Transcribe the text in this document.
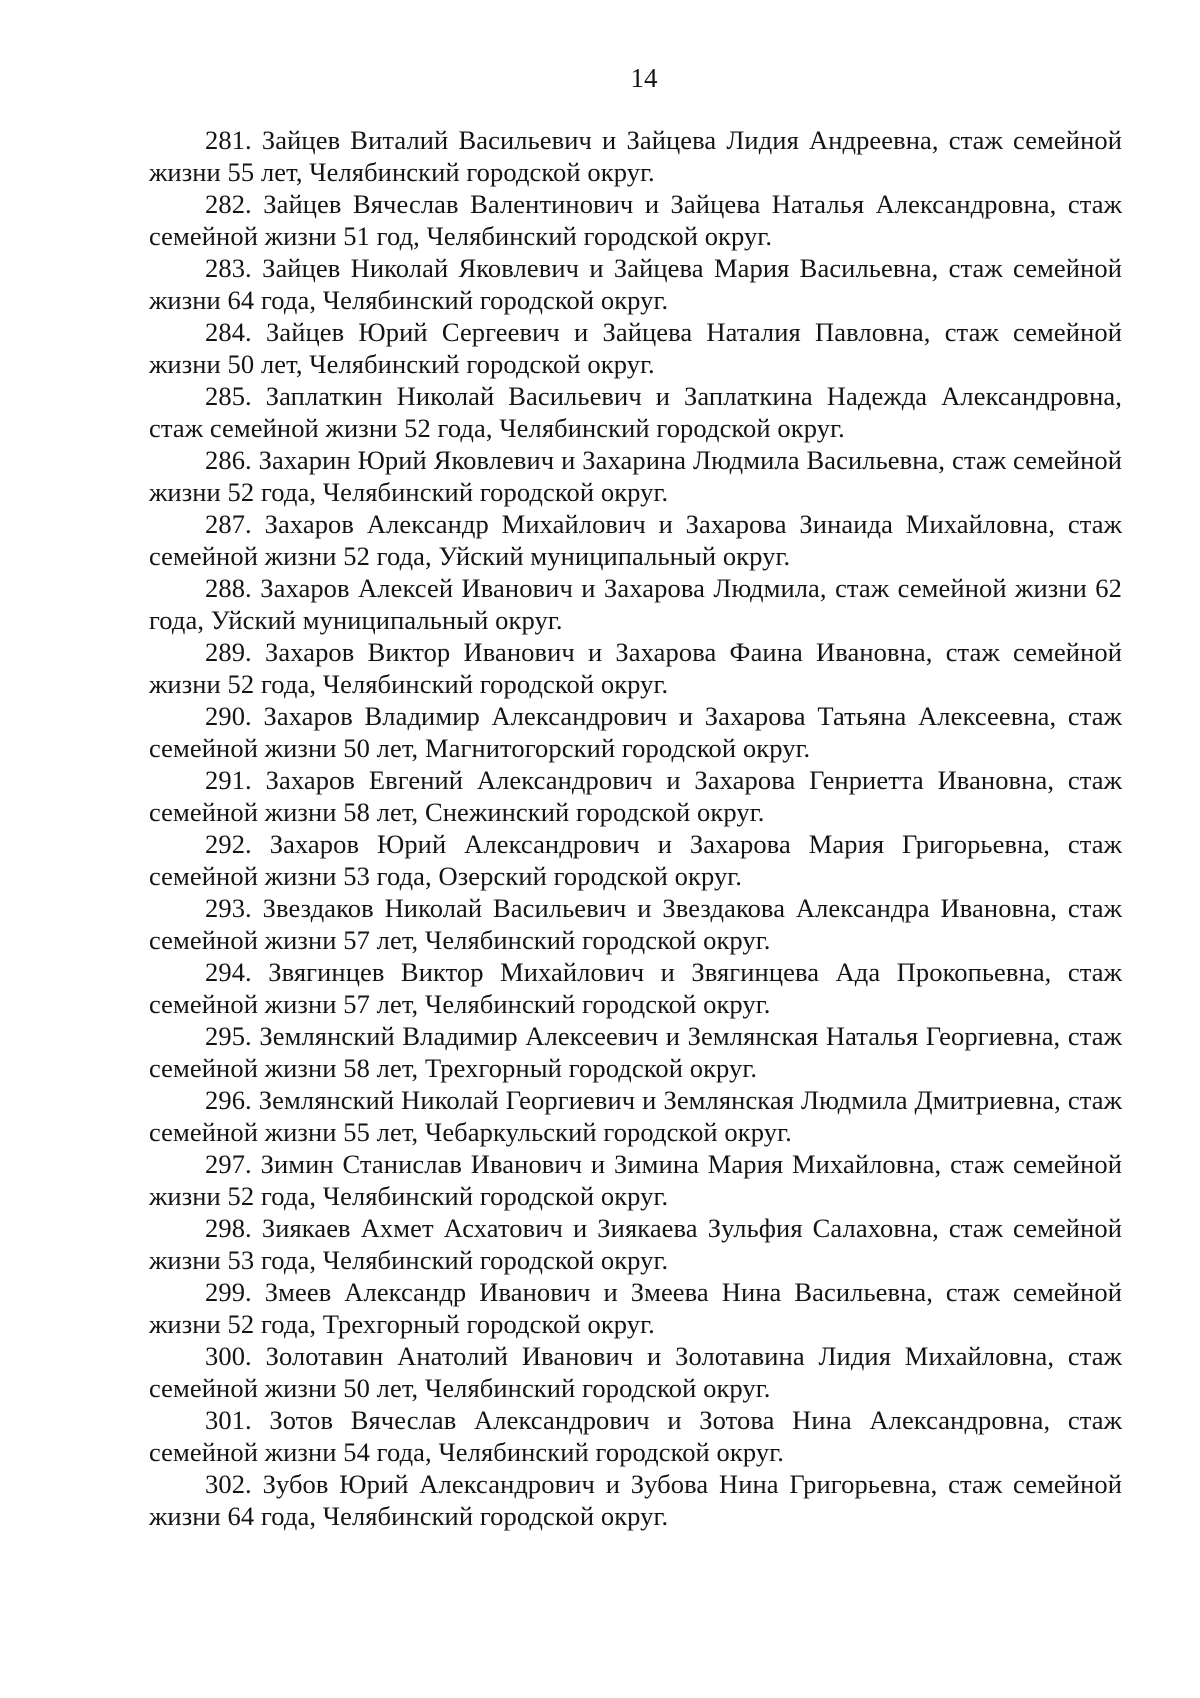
14
281. Зайцев Виталий Васильевич и Зайцева Лидия Андреевна, стаж семейной жизни 55 лет, Челябинский городской округ.
282. Зайцев Вячеслав Валентинович и Зайцева Наталья Александровна, стаж семейной жизни 51 год, Челябинский городской округ.
283. Зайцев Николай Яковлевич и Зайцева Мария Васильевна, стаж семейной жизни 64 года, Челябинский городской округ.
284. Зайцев Юрий Сергеевич и Зайцева Наталия Павловна, стаж семейной жизни 50 лет, Челябинский городской округ.
285. Заплаткин Николай Васильевич и Заплаткина Надежда Александровна, стаж семейной жизни 52 года, Челябинский городской округ.
286. Захарин Юрий Яковлевич и Захарина Людмила Васильевна, стаж семейной жизни 52 года, Челябинский городской округ.
287. Захаров Александр Михайлович и Захарова Зинаида Михайловна, стаж семейной жизни 52 года, Уйский муниципальный округ.
288. Захаров Алексей Иванович и Захарова Людмила, стаж семейной жизни 62 года, Уйский муниципальный округ.
289. Захаров Виктор Иванович и Захарова Фаина Ивановна, стаж семейной жизни 52 года, Челябинский городской округ.
290. Захаров Владимир Александрович и Захарова Татьяна Алексеевна, стаж семейной жизни 50 лет, Магнитогорский городской округ.
291. Захаров Евгений Александрович и Захарова Генриетта Ивановна, стаж семейной жизни 58 лет, Снежинский городской округ.
292. Захаров Юрий Александрович и Захарова Мария Григорьевна, стаж семейной жизни 53 года, Озерский городской округ.
293. Звездаков Николай Васильевич и Звездакова Александра Ивановна, стаж семейной жизни 57 лет, Челябинский городской округ.
294. Звягинцев Виктор Михайлович и Звягинцева Ада Прокопьевна, стаж семейной жизни 57 лет, Челябинский городской округ.
295. Землянский Владимир Алексеевич и Землянская Наталья Георгиевна, стаж семейной жизни 58 лет, Трехгорный городской округ.
296. Землянский Николай Георгиевич и Землянская Людмила Дмитриевна, стаж семейной жизни 55 лет, Чебаркульский городской округ.
297. Зимин Станислав Иванович и Зимина Мария Михайловна, стаж семейной жизни 52 года, Челябинский городской округ.
298. Зиякаев Ахмет Асхатович и Зиякаева Зульфия Салаховна, стаж семейной жизни 53 года, Челябинский городской округ.
299. Змеев Александр Иванович и Змеева Нина Васильевна, стаж семейной жизни 52 года, Трехгорный городской округ.
300. Золотавин Анатолий Иванович и Золотавина Лидия Михайловна, стаж семейной жизни 50 лет, Челябинский городской округ.
301. Зотов Вячеслав Александрович и Зотова Нина Александровна, стаж семейной жизни 54 года, Челябинский городской округ.
302. Зубов Юрий Александрович и Зубова Нина Григорьевна, стаж семейной жизни 64 года, Челябинский городской округ.
